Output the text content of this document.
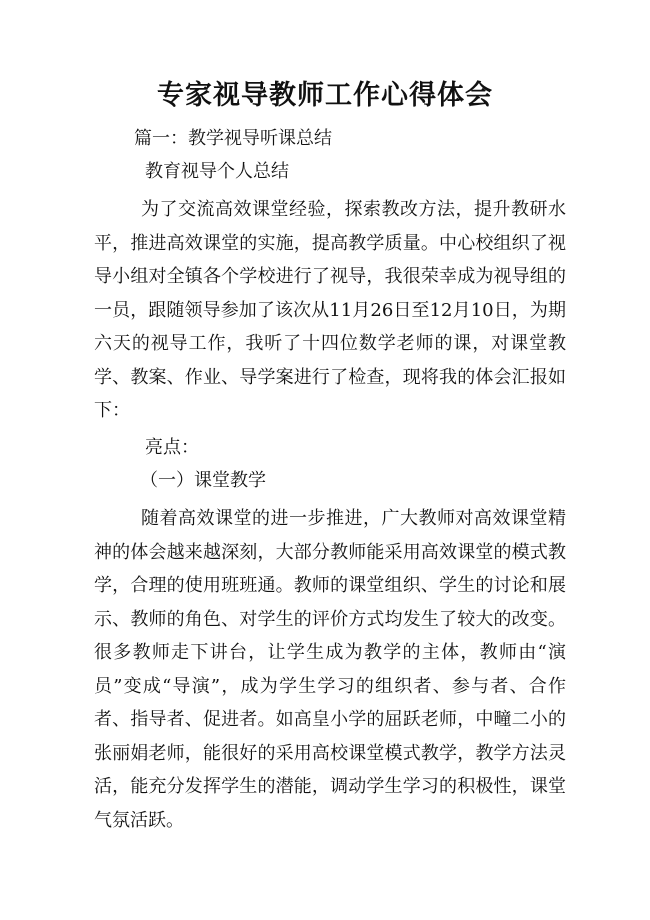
专家视导教师工作心得体会
篇一：教学视导听课总结
教育视导个人总结

为了交流高效课堂经验，探索教改方法，提升教研水平，推进高效课堂的实施，提高教学质量。中心校组织了视导小组对全镇各个学校进行了视导，我很荣幸成为视导组的一员，跟随领导参加了该次从11月26日至12月10日，为期六天的视导工作，我听了十四位数学老师的课，对课堂教学、教案、作业、导学案进行了检查，现将我的体会汇报如下：

亮点：
（一）课堂教学

随着高效课堂的进一步推进，广大教师对高效课堂精神的体会越来越深刻，大部分教师能采用高效课堂的模式教学，合理的使用班班通。教师的课堂组织、学生的讨论和展示、教师的角色、对学生的评价方式均发生了较大的改变。很多教师走下讲台，让学生成为教学的主体，教师由“演员”变成“导演”，成为学生学习的组织者、参与者、合作者、指导者、促进者。如高皇小学的屈跃老师，中疃二小的张丽娟老师，能很好的采用高校课堂模式教学，教学方法灵活，能充分发挥学生的潜能，调动学生学习的积极性，课堂气氛活跃。
